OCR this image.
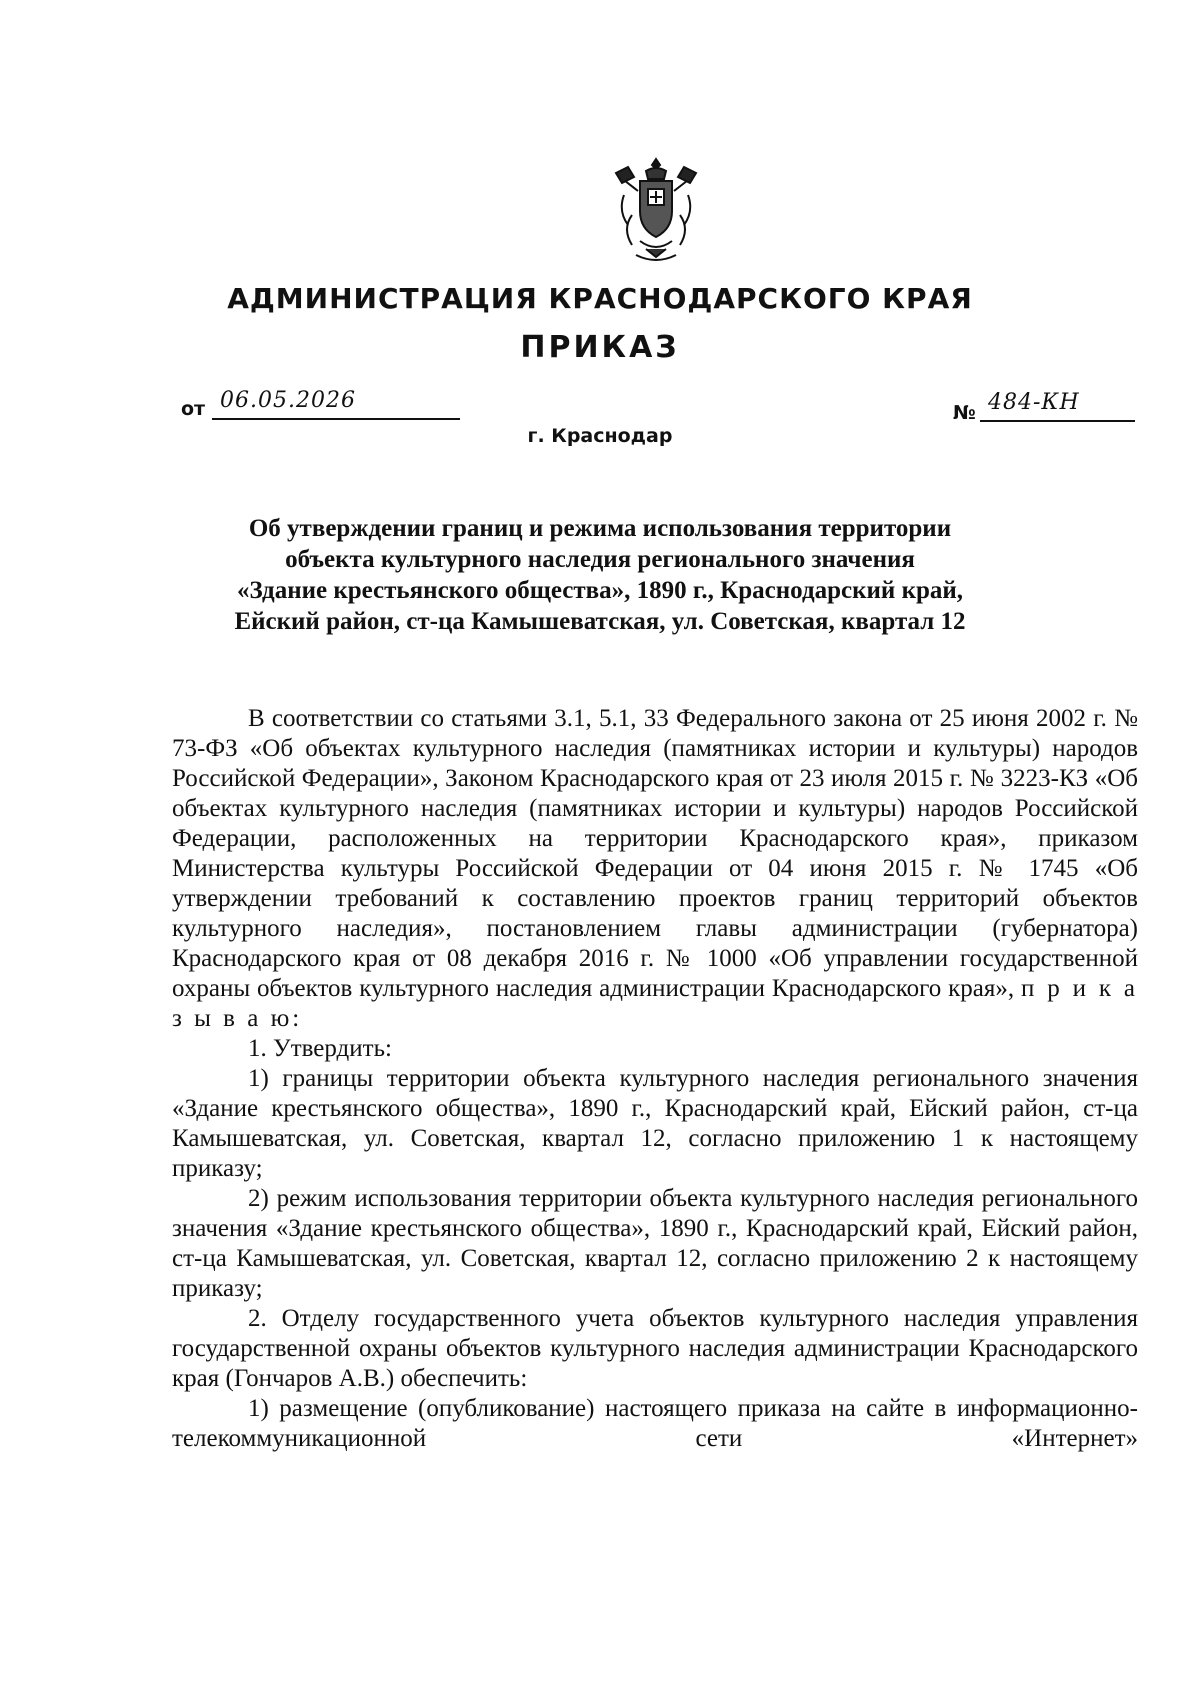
АДМИНИСТРАЦИЯ КРАСНОДАРСКОГО КРАЯ

ПРИКАЗ

от 06.05.2026	№ 484-КН
г. Краснодар
Об утверждении границ и режима использования территории
объекта культурного наследия регионального значения
«Здание крестьянского общества», 1890 г., Краснодарский край,
Ейский район, ст-ца Камышеватская, ул. Советская, квартал 12

В соответствии со статьями 3.1, 5.1, 33 Федерального закона от 25 июня 2002 г. № 73-ФЗ «Об объектах культурного наследия (памятниках истории и культуры) народов Российской Федерации», Законом Краснодарского края от 23 июля 2015 г. № 3223-КЗ «Об объектах культурного наследия (памятниках истории и культуры) народов Российской Федерации, расположенных на территории Краснодарского края», приказом Министерства культуры Российской Федерации от 04 июня 2015 г. № 1745 «Об утверждении требований к составлению проектов границ территорий объектов культурного наследия», постановлением главы администрации (губернатора) Краснодарского края от 08 декабря 2016 г. № 1000 «Об управлении государственной охраны объектов культурного наследия администрации Краснодарского края», п р и к а з ы в а ю:

1. Утвердить:

1) границы территории объекта культурного наследия регионального значения «Здание крестьянского общества», 1890 г., Краснодарский край, Ейский район, ст-ца Камышеватская, ул. Советская, квартал 12, согласно приложению 1 к настоящему приказу;

2) режим использования территории объекта культурного наследия регионального значения «Здание крестьянского общества», 1890 г., Краснодарский край, Ейский район, ст-ца Камышеватская, ул. Советская, квартал 12, согласно приложению 2 к настоящему приказу;

2. Отделу государственного учета объектов культурного наследия управления государственной охраны объектов культурного наследия администрации Краснодарского края (Гончаров А.В.) обеспечить:

1) размещение (опубликование) настоящего приказа на сайте в информационно-телекоммуникационной сети «Интернет»
